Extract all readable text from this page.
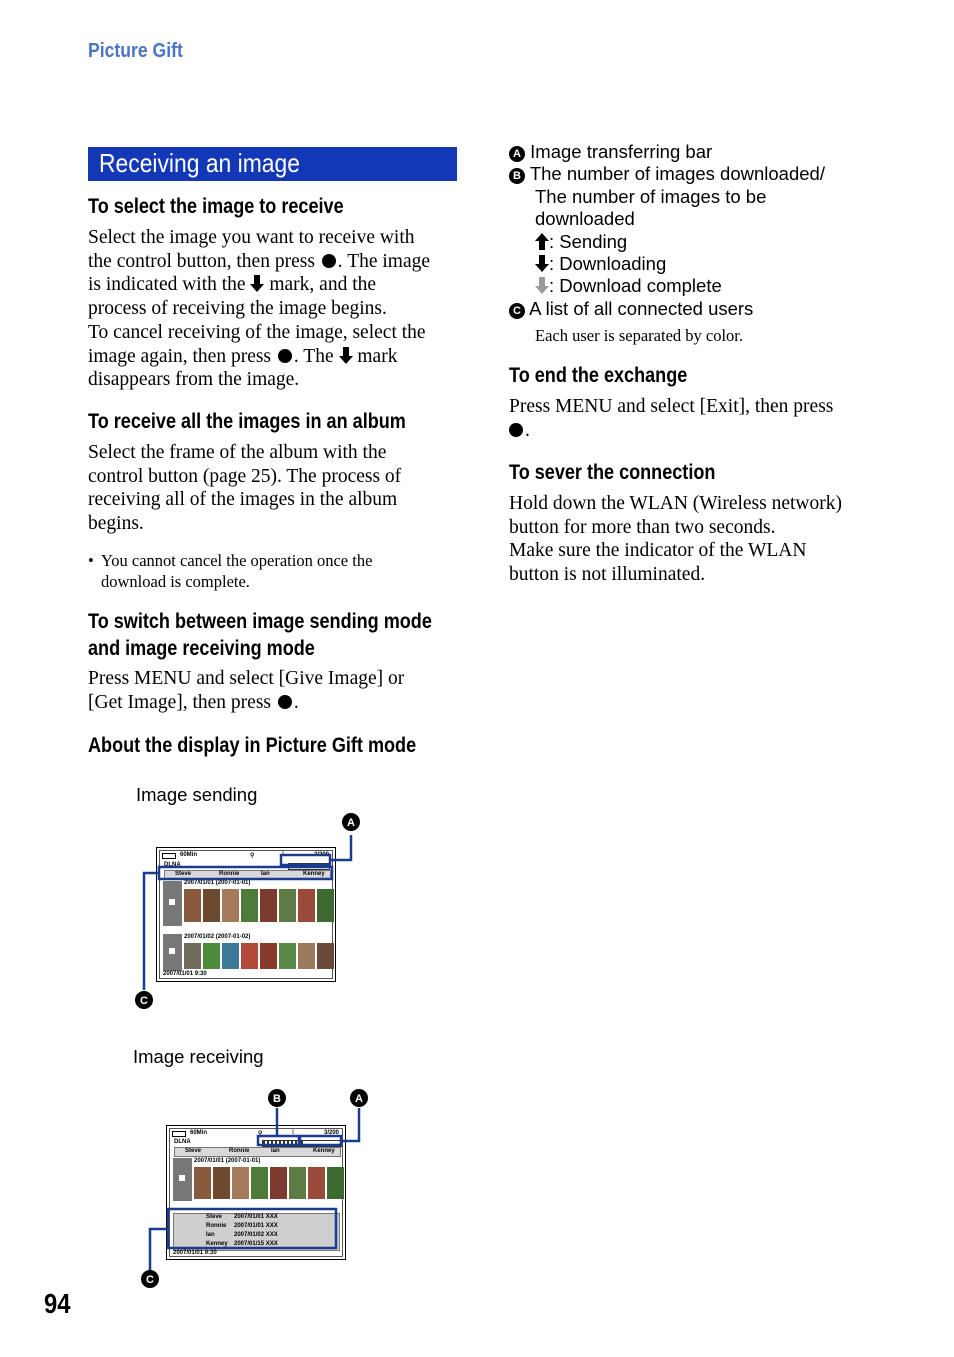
Picture Gift
Receiving an image
To select the image to receive
Select the image you want to receive with
the control button, then press . The image
is indicated with the mark, and the
process of receiving the image begins.
To cancel receiving of the image, select the
image again, then press . The mark
disappears from the image.
To receive all the images in an album
Select the frame of the album with the
control button (page 25). The process of
receiving all of the images in the album
begins.
• You cannot cancel the operation once the
download is complete.
To switch between image sending mode
and image receiving mode
Press MENU and select [Give Image] or
[Get Image], then press .
About the display in Picture Gift mode
Image sending
60Min	⚲	⁞	2/200
DLNA
Steve	Ronnie	Ian	Kenney
2007/01/01 (2007-01-01)
2007/01/02 (2007-01-02)
2007/01/01 9:30
A
C
Image receiving
60Min	⚲	⁞	3/200
DLNA
Steve	Ronnie	Ian	Kenney
2007/01/01 (2007-01-01)
Steve 2007/01/01 XXX
Ronnie 2007/01/01 XXX
Ian	2007/01/02 XXX
Kenney 2007/01/15 XXX
2007/01/01 9:30
B	A
C
A Image transferring bar
B The number of images downloaded/
The number of images to be
downloaded
: Sending
: Downloading
: Download complete
C A list of all connected users
Each user is separated by color.
To end the exchange
Press MENU and select [Exit], then press
.
To sever the connection
Hold down the WLAN (Wireless network)
button for more than two seconds.
Make sure the indicator of the WLAN
button is not illuminated.
94
